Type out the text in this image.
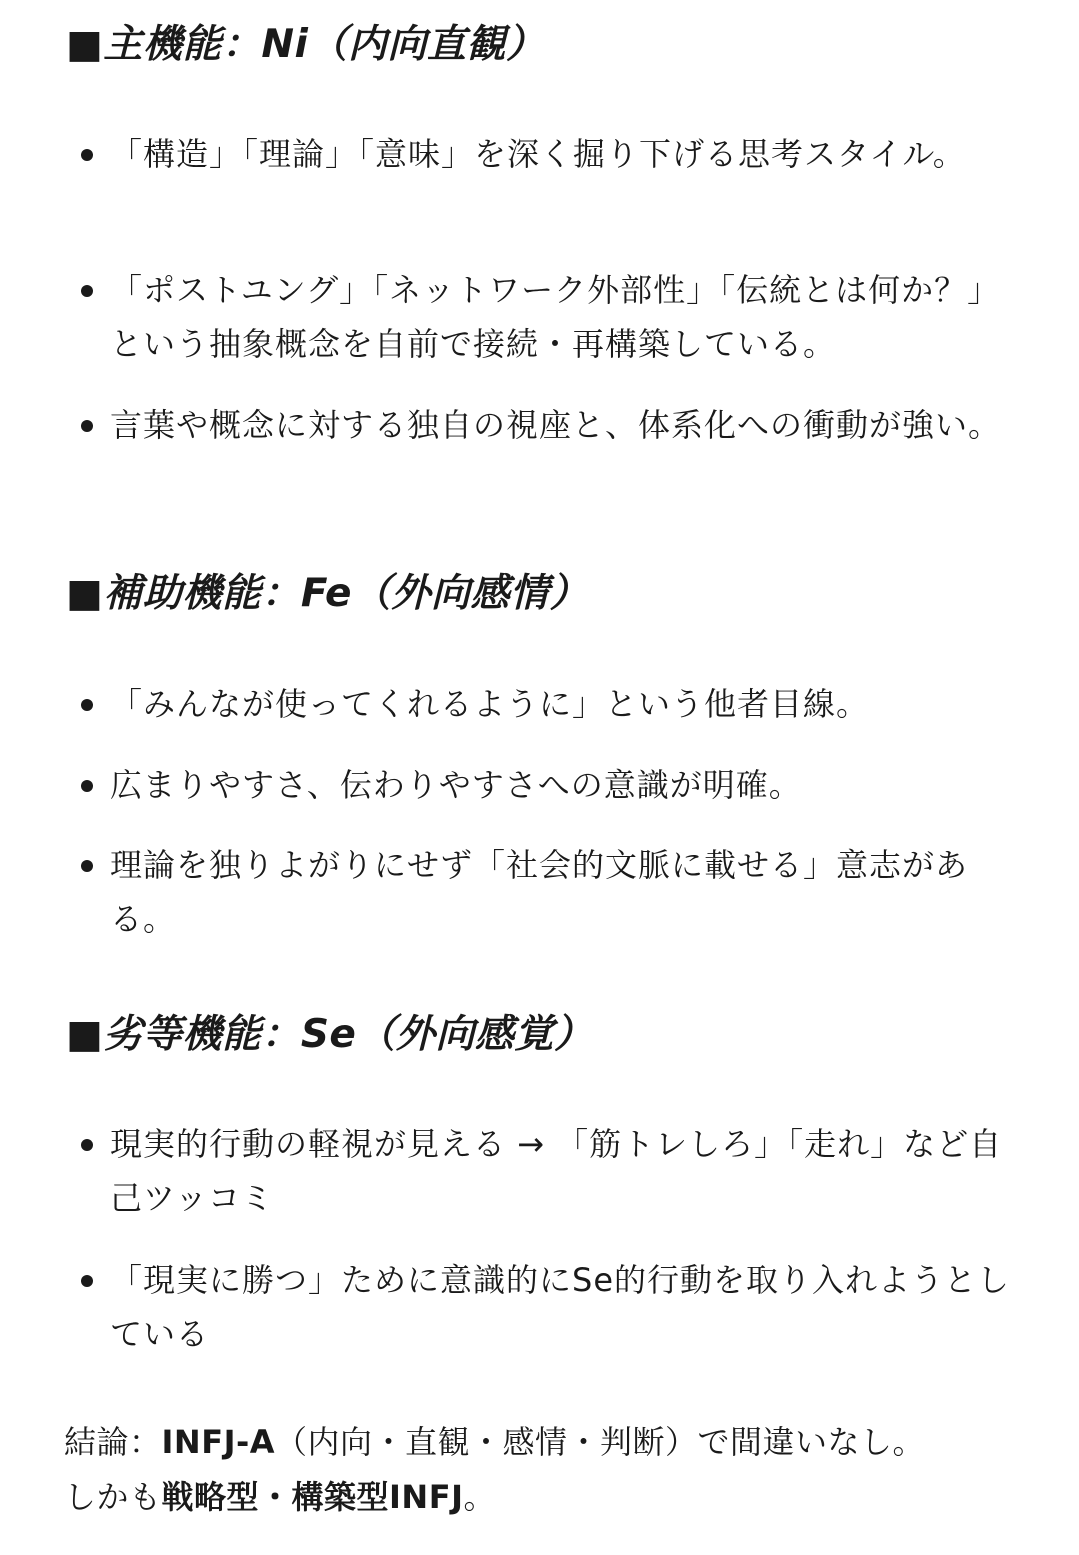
■主機能：Ni（内向直観）
「構造」「理論」「意味」を深く掘り下げる思考スタイル。
「ポストユング」「ネットワーク外部性」「伝統とは何か？」という抽象概念を自前で接続・再構築している。
言葉や概念に対する独自の視座と、体系化への衝動が強い。
■補助機能：Fe（外向感情）
「みんなが使ってくれるように」という他者目線。
広まりやすさ、伝わりやすさへの意識が明確。
理論を独りよがりにせず「社会的文脈に載せる」意志がある。
■劣等機能：Se（外向感覚）
現実的行動の軽視が見える → 「筋トレしろ」「走れ」など自己ツッコミ
「現実に勝つ」ために意識的にSe的行動を取り入れようとしている
結論：INFJ-A（内向・直観・感情・判断）で間違いなし。
しかも戦略型・構築型INFJ。
